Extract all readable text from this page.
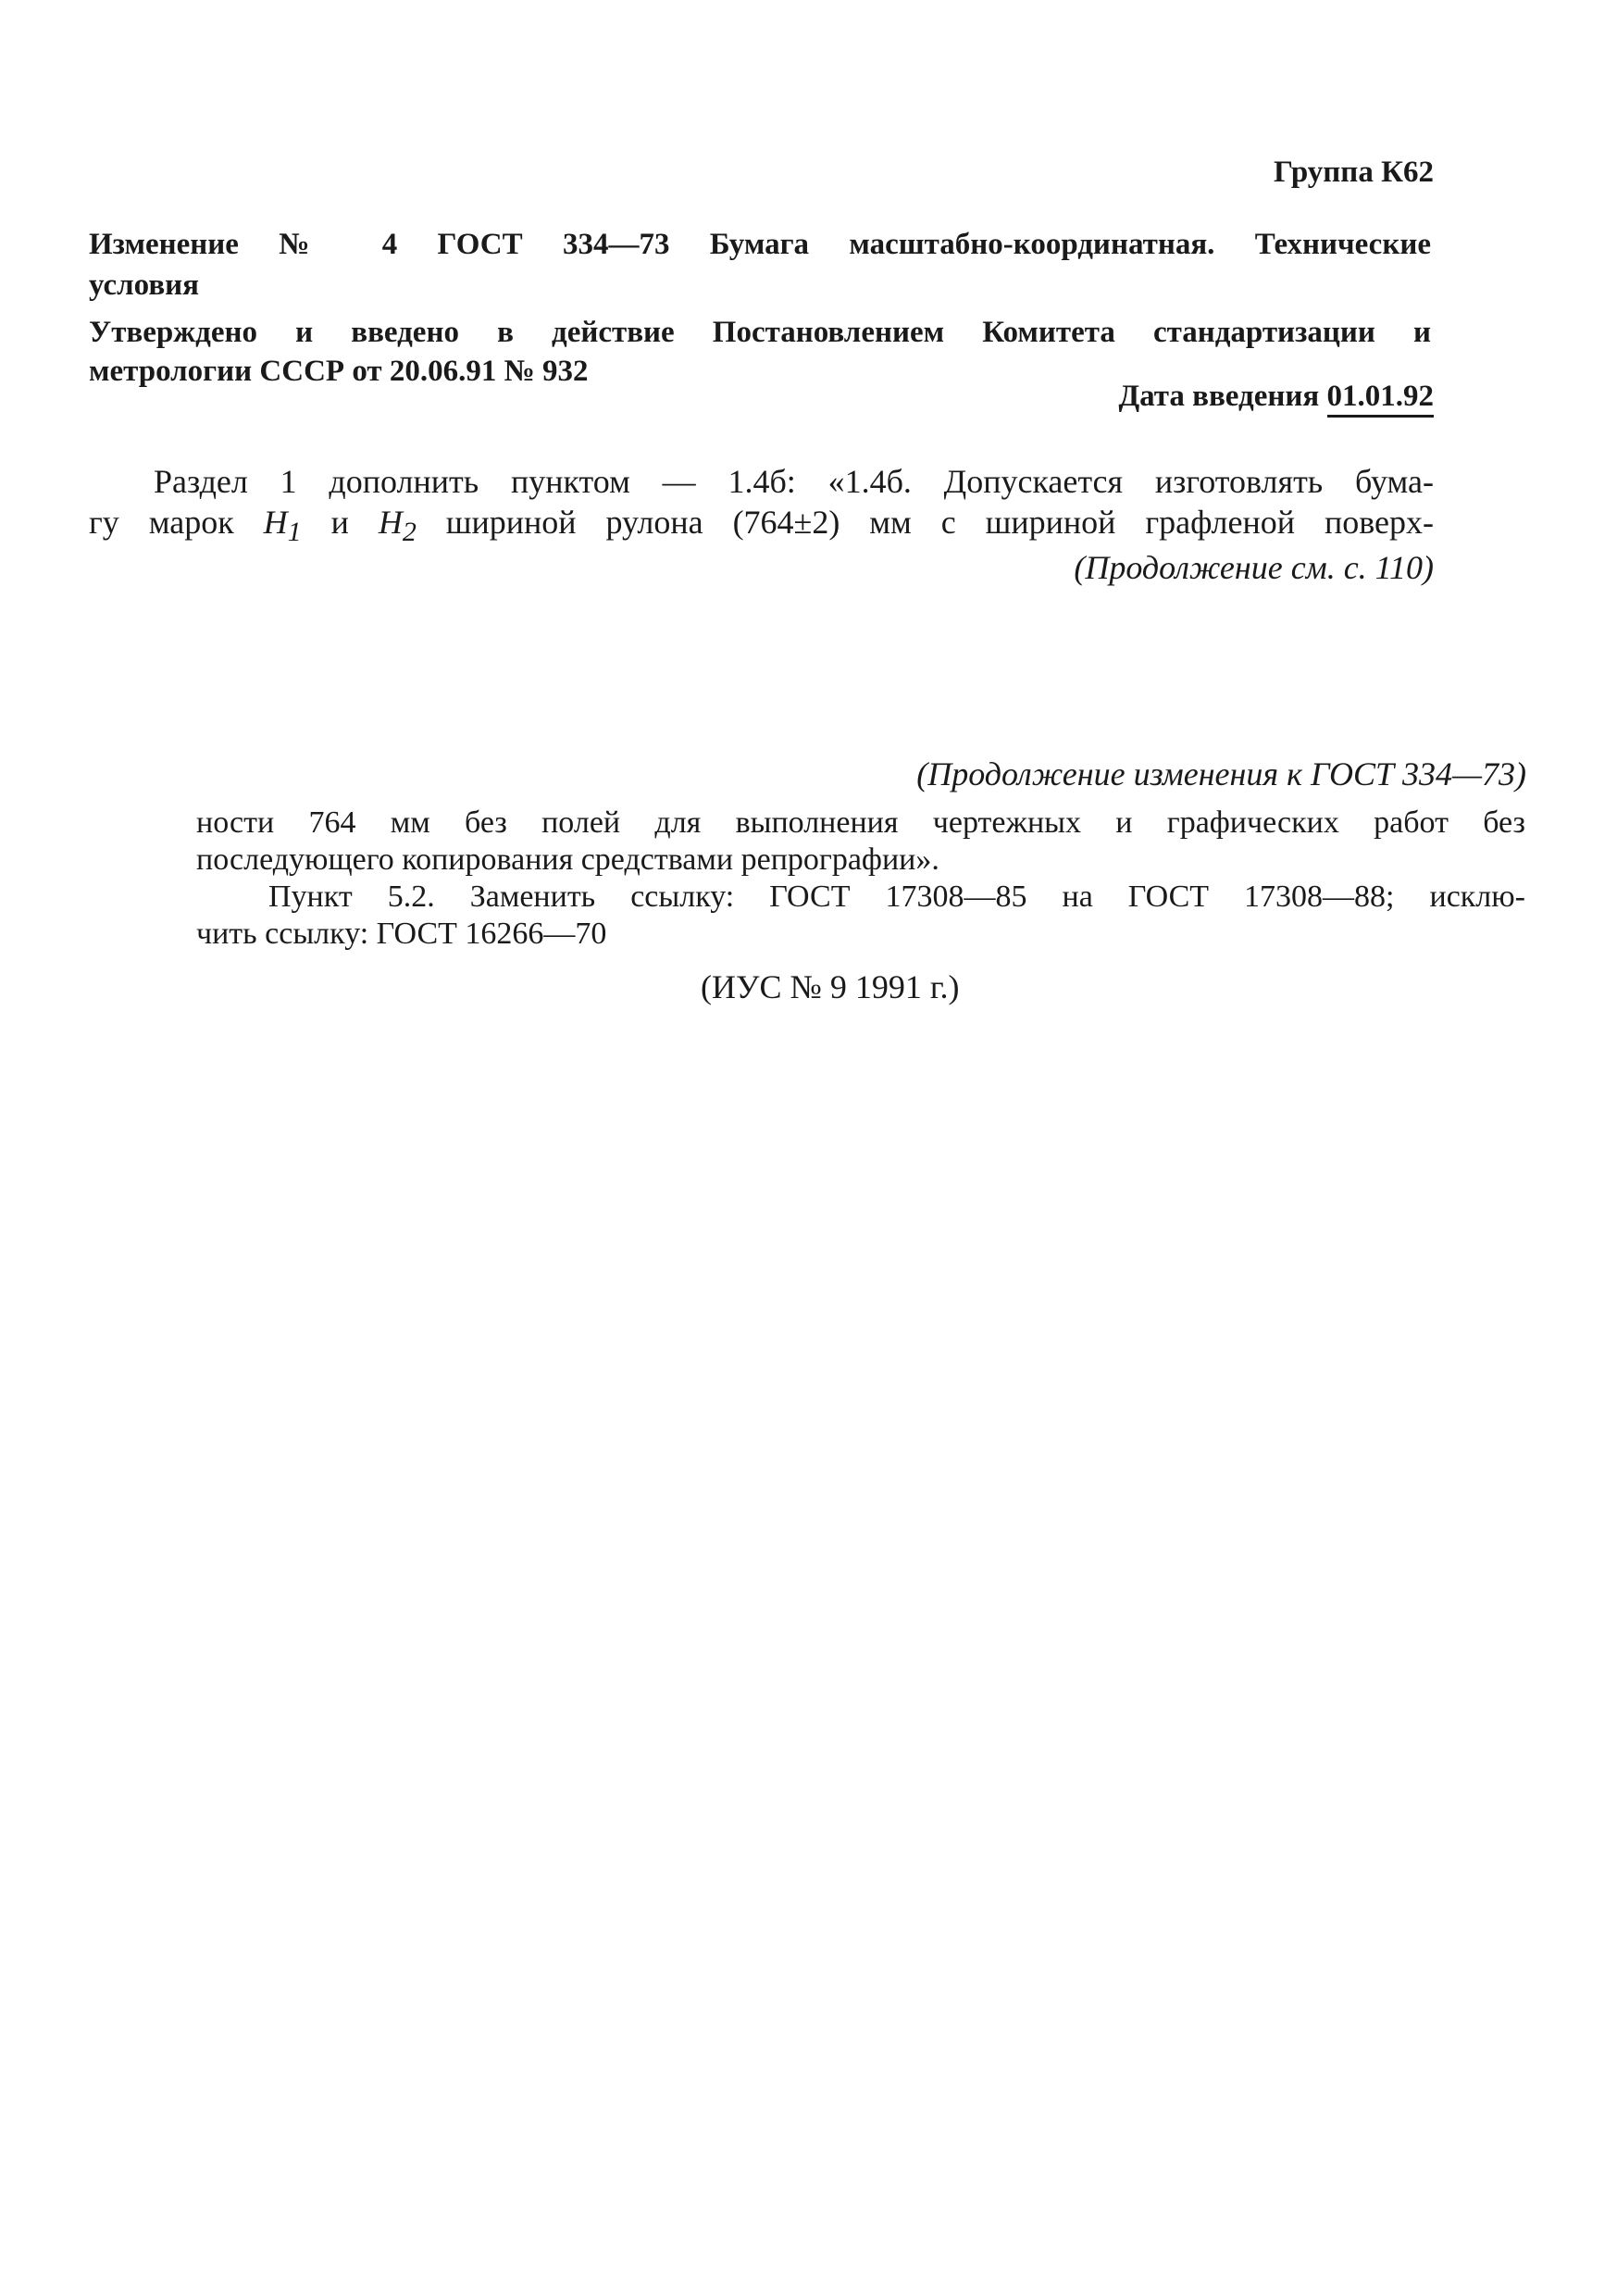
Группа К62
Изменение № 4 ГОСТ 334—73 Бумага масштабно-координатная. Технические
условия
Утверждено и введено в действие Постановлением Комитета стандартизации и
метрологии СССР от 20.06.91 № 932
Дата введения 01.01.92
Раздел 1 дополнить пунктом — 1.4б: «1.4б. Допускается изготовлять бума-
гу марок $H_1$ и $H_2$ шириной рулона (764±2) мм с шириной графленой поверх-
(Продолжение см. с. 110)
(Продолжение изменения к ГОСТ 334—73)
ности 764 мм без полей для выполнения чертежных и графических работ без
последующего копирования средствами репрографии».
Пункт 5.2. Заменить ссылку: ГОСТ 17308—85 на ГОСТ 17308—88; исклю-
чить ссылку: ГОСТ 16266—70
(ИУС № 9 1991 г.)
